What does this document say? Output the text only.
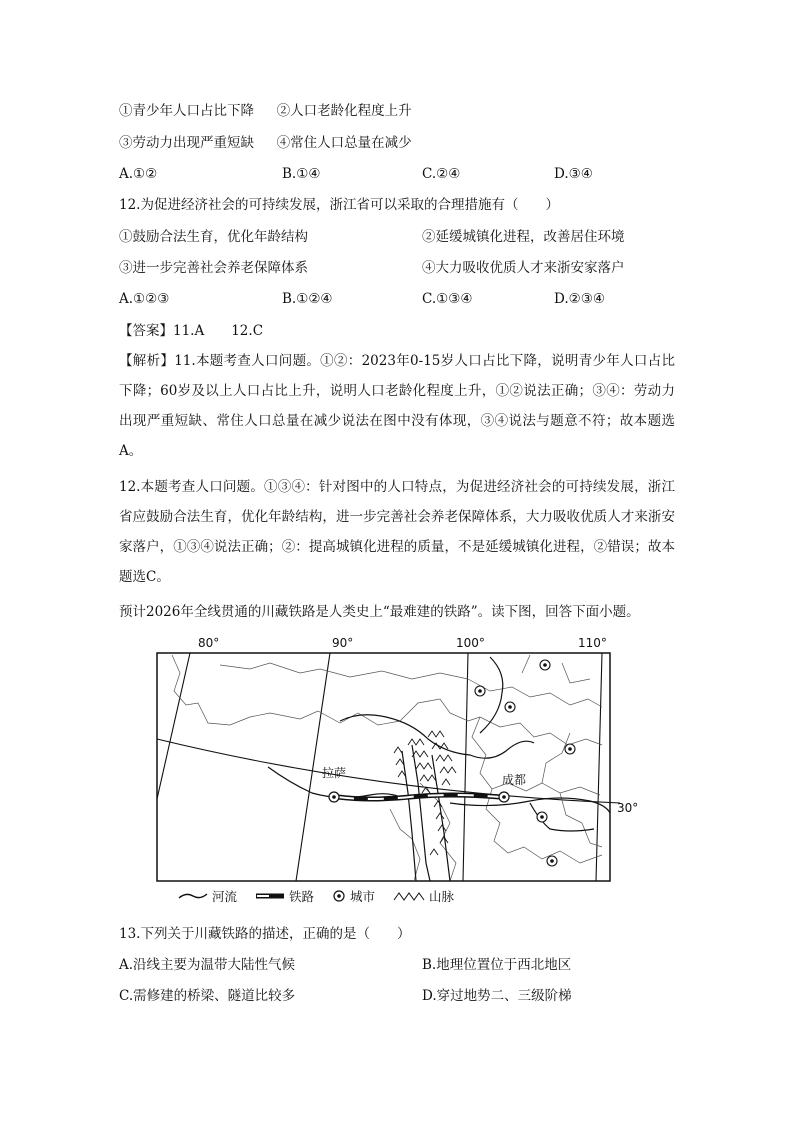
①青少年人口占比下降 ②人口老龄化程度上升
③劳动力出现严重短缺 ④常住人口总量在减少
A.①②	B.①④	C.②④	D.③④
12.为促进经济社会的可持续发展，浙江省可以采取的合理措施有（　　）
①鼓励合法生育，优化年龄结构	②延缓城镇化进程，改善居住环境
③进一步完善社会养老保障体系	④大力吸收优质人才来浙安家落户
A.①②③	B.①②④	C.①③④	D.②③④
【答案】11.A　　12.C
【解析】11.本题考查人口问题。①②：2023年0-15岁人口占比下降，说明青少年人口占比下降；60岁及以上人口占比上升，说明人口老龄化程度上升，①②说法正确；③④：劳动力出现严重短缺、常住人口总量在减少说法在图中没有体现，③④说法与题意不符；故本题选A。
12.本题考查人口问题。①③④：针对图中的人口特点，为促进经济社会的可持续发展，浙江省应鼓励合法生育，优化年龄结构，进一步完善社会养老保障体系，大力吸收优质人才来浙安家落户，①③④说法正确；②：提高城镇化进程的质量，不是延缓城镇化进程，②错误；故本题选C。
预计2026年全线贯通的川藏铁路是人类史上“最难建的铁路”。读下图，回答下面小题。
80°	90°	100°	110°
30°
拉萨	成都
河流	铁路	城市	山脉
13.下列关于川藏铁路的描述，正确的是（　　）
A.沿线主要为温带大陆性气候	B.地理位置位于西北地区
C.需修建的桥梁、隧道比较多	D.穿过地势二、三级阶梯
